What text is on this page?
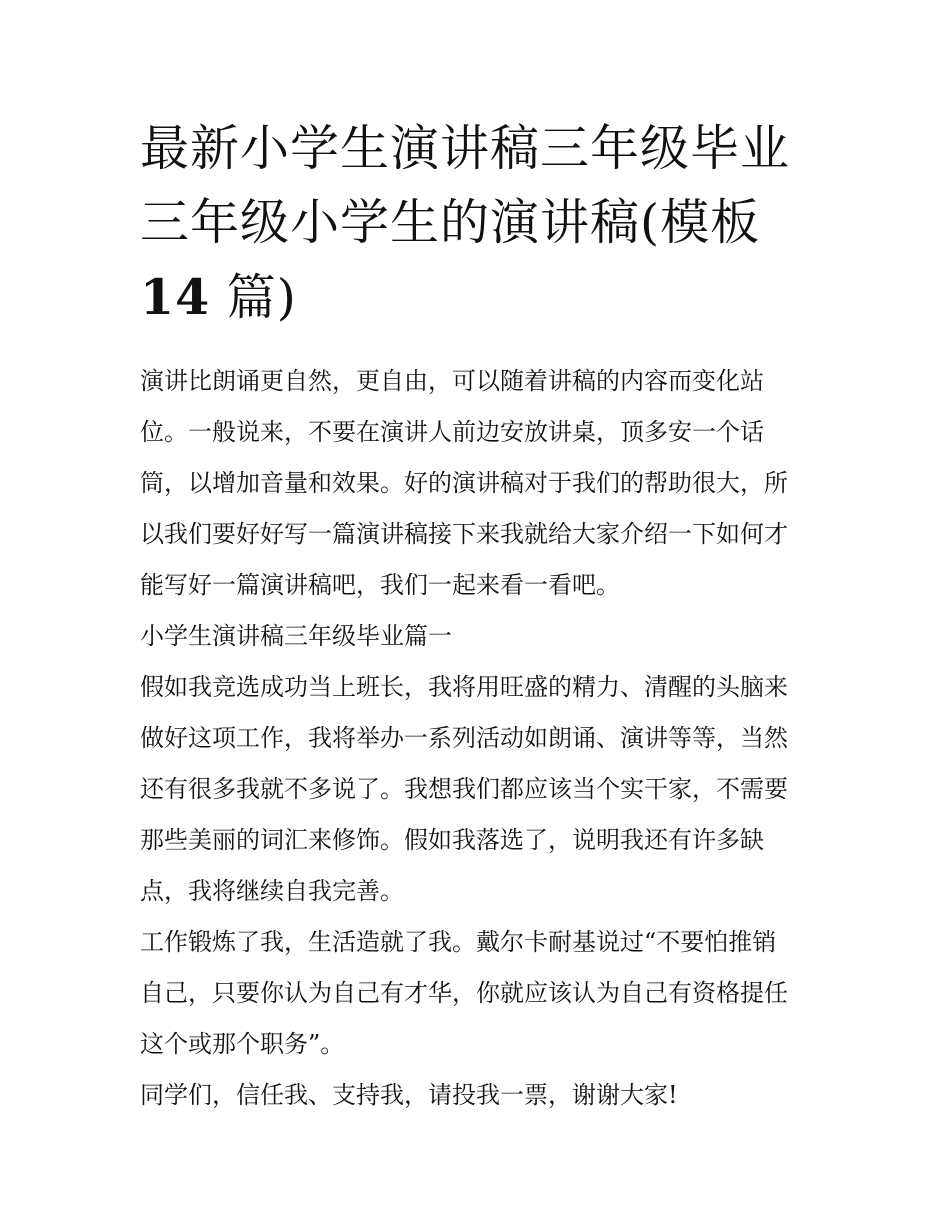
最新小学生演讲稿三年级毕业
三年级小学生的演讲稿(模板
14 篇)

演讲比朗诵更自然，更自由，可以随着讲稿的内容而变化站
位。一般说来，不要在演讲人前边安放讲桌，顶多安一个话
筒，以增加音量和效果。好的演讲稿对于我们的帮助很大，所
以我们要好好写一篇演讲稿接下来我就给大家介绍一下如何才
能写好一篇演讲稿吧，我们一起来看一看吧。

小学生演讲稿三年级毕业篇一

假如我竞选成功当上班长，我将用旺盛的精力、清醒的头脑来
做好这项工作，我将举办一系列活动如朗诵、演讲等等，当然
还有很多我就不多说了。我想我们都应该当个实干家，不需要
那些美丽的词汇来修饰。假如我落选了，说明我还有许多缺
点，我将继续自我完善。

工作锻炼了我，生活造就了我。戴尔卡耐基说过“不要怕推销
自己，只要你认为自己有才华，你就应该认为自己有资格提任
这个或那个职务”。

同学们，信任我、支持我，请投我一票，谢谢大家!
